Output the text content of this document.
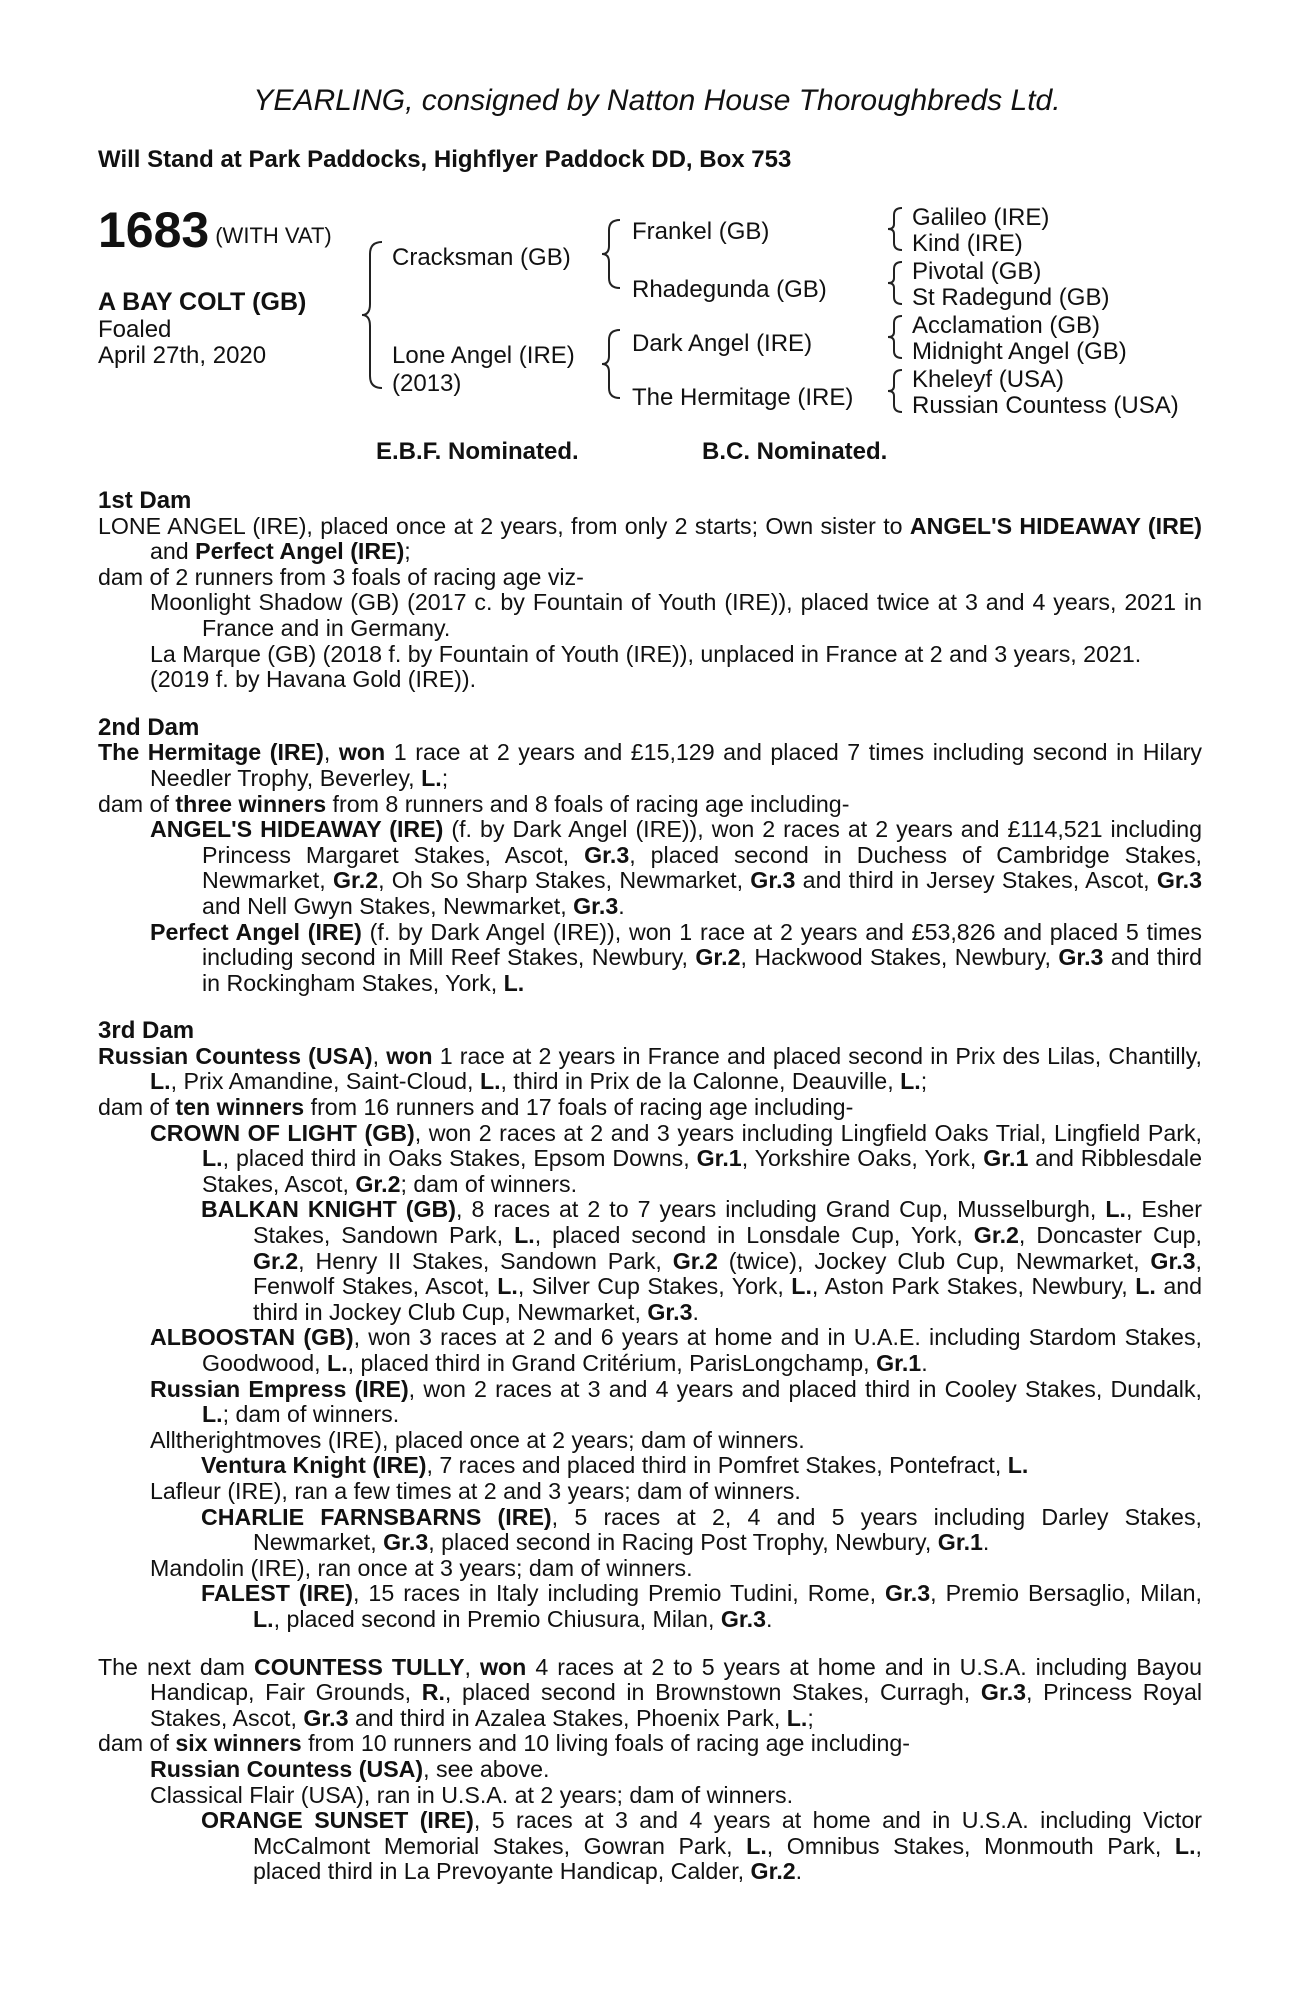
YEARLING, consigned by Natton House Thoroughbreds Ltd.
Will Stand at Park Paddocks, Highflyer Paddock DD, Box 753
1683 (WITH VAT)
A BAY COLT (GB)
Foaled
April 27th, 2020
Cracksman (GB)
Lone Angel (IRE)
(2013)
Frankel (GB)
Rhadegunda (GB)
Dark Angel (IRE)
The Hermitage (IRE)
Galileo (IRE)
Kind (IRE)
Pivotal (GB)
St Radegund (GB)
Acclamation (GB)
Midnight Angel (GB)
Kheleyf (USA)
Russian Countess (USA)
E.B.F. Nominated.	B.C. Nominated.

1st Dam

LONE ANGEL (IRE), placed once at 2 years, from only 2 starts; Own sister to ANGEL'S HIDEAWAY (IRE) and Perfect Angel (IRE);

dam of 2 runners from 3 foals of racing age viz-

Moonlight Shadow (GB) (2017 c. by Fountain of Youth (IRE)), placed twice at 3 and 4 years, 2021 in France and in Germany.

La Marque (GB) (2018 f. by Fountain of Youth (IRE)), unplaced in France at 2 and 3 years, 2021.

(2019 f. by Havana Gold (IRE)).

2nd Dam

The Hermitage (IRE), won 1 race at 2 years and £15,129 and placed 7 times including second in Hilary Needler Trophy, Beverley, L.;

dam of three winners from 8 runners and 8 foals of racing age including-

ANGEL'S HIDEAWAY (IRE) (f. by Dark Angel (IRE)), won 2 races at 2 years and £114,521 including Princess Margaret Stakes, Ascot, Gr.3, placed second in Duchess of Cambridge Stakes, Newmarket, Gr.2, Oh So Sharp Stakes, Newmarket, Gr.3 and third in Jersey Stakes, Ascot, Gr.3 and Nell Gwyn Stakes, Newmarket, Gr.3.

Perfect Angel (IRE) (f. by Dark Angel (IRE)), won 1 race at 2 years and £53,826 and placed 5 times including second in Mill Reef Stakes, Newbury, Gr.2, Hackwood Stakes, Newbury, Gr.3 and third in Rockingham Stakes, York, L.

3rd Dam

Russian Countess (USA), won 1 race at 2 years in France and placed second in Prix des Lilas, Chantilly, L., Prix Amandine, Saint-Cloud, L., third in Prix de la Calonne, Deauville, L.;

dam of ten winners from 16 runners and 17 foals of racing age including-

CROWN OF LIGHT (GB), won 2 races at 2 and 3 years including Lingfield Oaks Trial, Lingfield Park, L., placed third in Oaks Stakes, Epsom Downs, Gr.1, Yorkshire Oaks, York, Gr.1 and Ribblesdale Stakes, Ascot, Gr.2; dam of winners.

BALKAN KNIGHT (GB), 8 races at 2 to 7 years including Grand Cup, Musselburgh, L., Esher Stakes, Sandown Park, L., placed second in Lonsdale Cup, York, Gr.2, Doncaster Cup, Gr.2, Henry II Stakes, Sandown Park, Gr.2 (twice), Jockey Club Cup, Newmarket, Gr.3, Fenwolf Stakes, Ascot, L., Silver Cup Stakes, York, L., Aston Park Stakes, Newbury, L. and third in Jockey Club Cup, Newmarket, Gr.3.

ALBOOSTAN (GB), won 3 races at 2 and 6 years at home and in U.A.E. including Stardom Stakes, Goodwood, L., placed third in Grand Critérium, ParisLongchamp, Gr.1.

Russian Empress (IRE), won 2 races at 3 and 4 years and placed third in Cooley Stakes, Dundalk, L.; dam of winners.

Alltherightmoves (IRE), placed once at 2 years; dam of winners.

Ventura Knight (IRE), 7 races and placed third in Pomfret Stakes, Pontefract, L.

Lafleur (IRE), ran a few times at 2 and 3 years; dam of winners.

CHARLIE FARNSBARNS (IRE), 5 races at 2, 4 and 5 years including Darley Stakes, Newmarket, Gr.3, placed second in Racing Post Trophy, Newbury, Gr.1.

Mandolin (IRE), ran once at 3 years; dam of winners.

FALEST (IRE), 15 races in Italy including Premio Tudini, Rome, Gr.3, Premio Bersaglio, Milan, L., placed second in Premio Chiusura, Milan, Gr.3.

The next dam COUNTESS TULLY, won 4 races at 2 to 5 years at home and in U.S.A. including Bayou Handicap, Fair Grounds, R., placed second in Brownstown Stakes, Curragh, Gr.3, Princess Royal Stakes, Ascot, Gr.3 and third in Azalea Stakes, Phoenix Park, L.;

dam of six winners from 10 runners and 10 living foals of racing age including-

Russian Countess (USA), see above.

Classical Flair (USA), ran in U.S.A. at 2 years; dam of winners.

ORANGE SUNSET (IRE), 5 races at 3 and 4 years at home and in U.S.A. including Victor McCalmont Memorial Stakes, Gowran Park, L., Omnibus Stakes, Monmouth Park, L., placed third in La Prevoyante Handicap, Calder, Gr.2.
